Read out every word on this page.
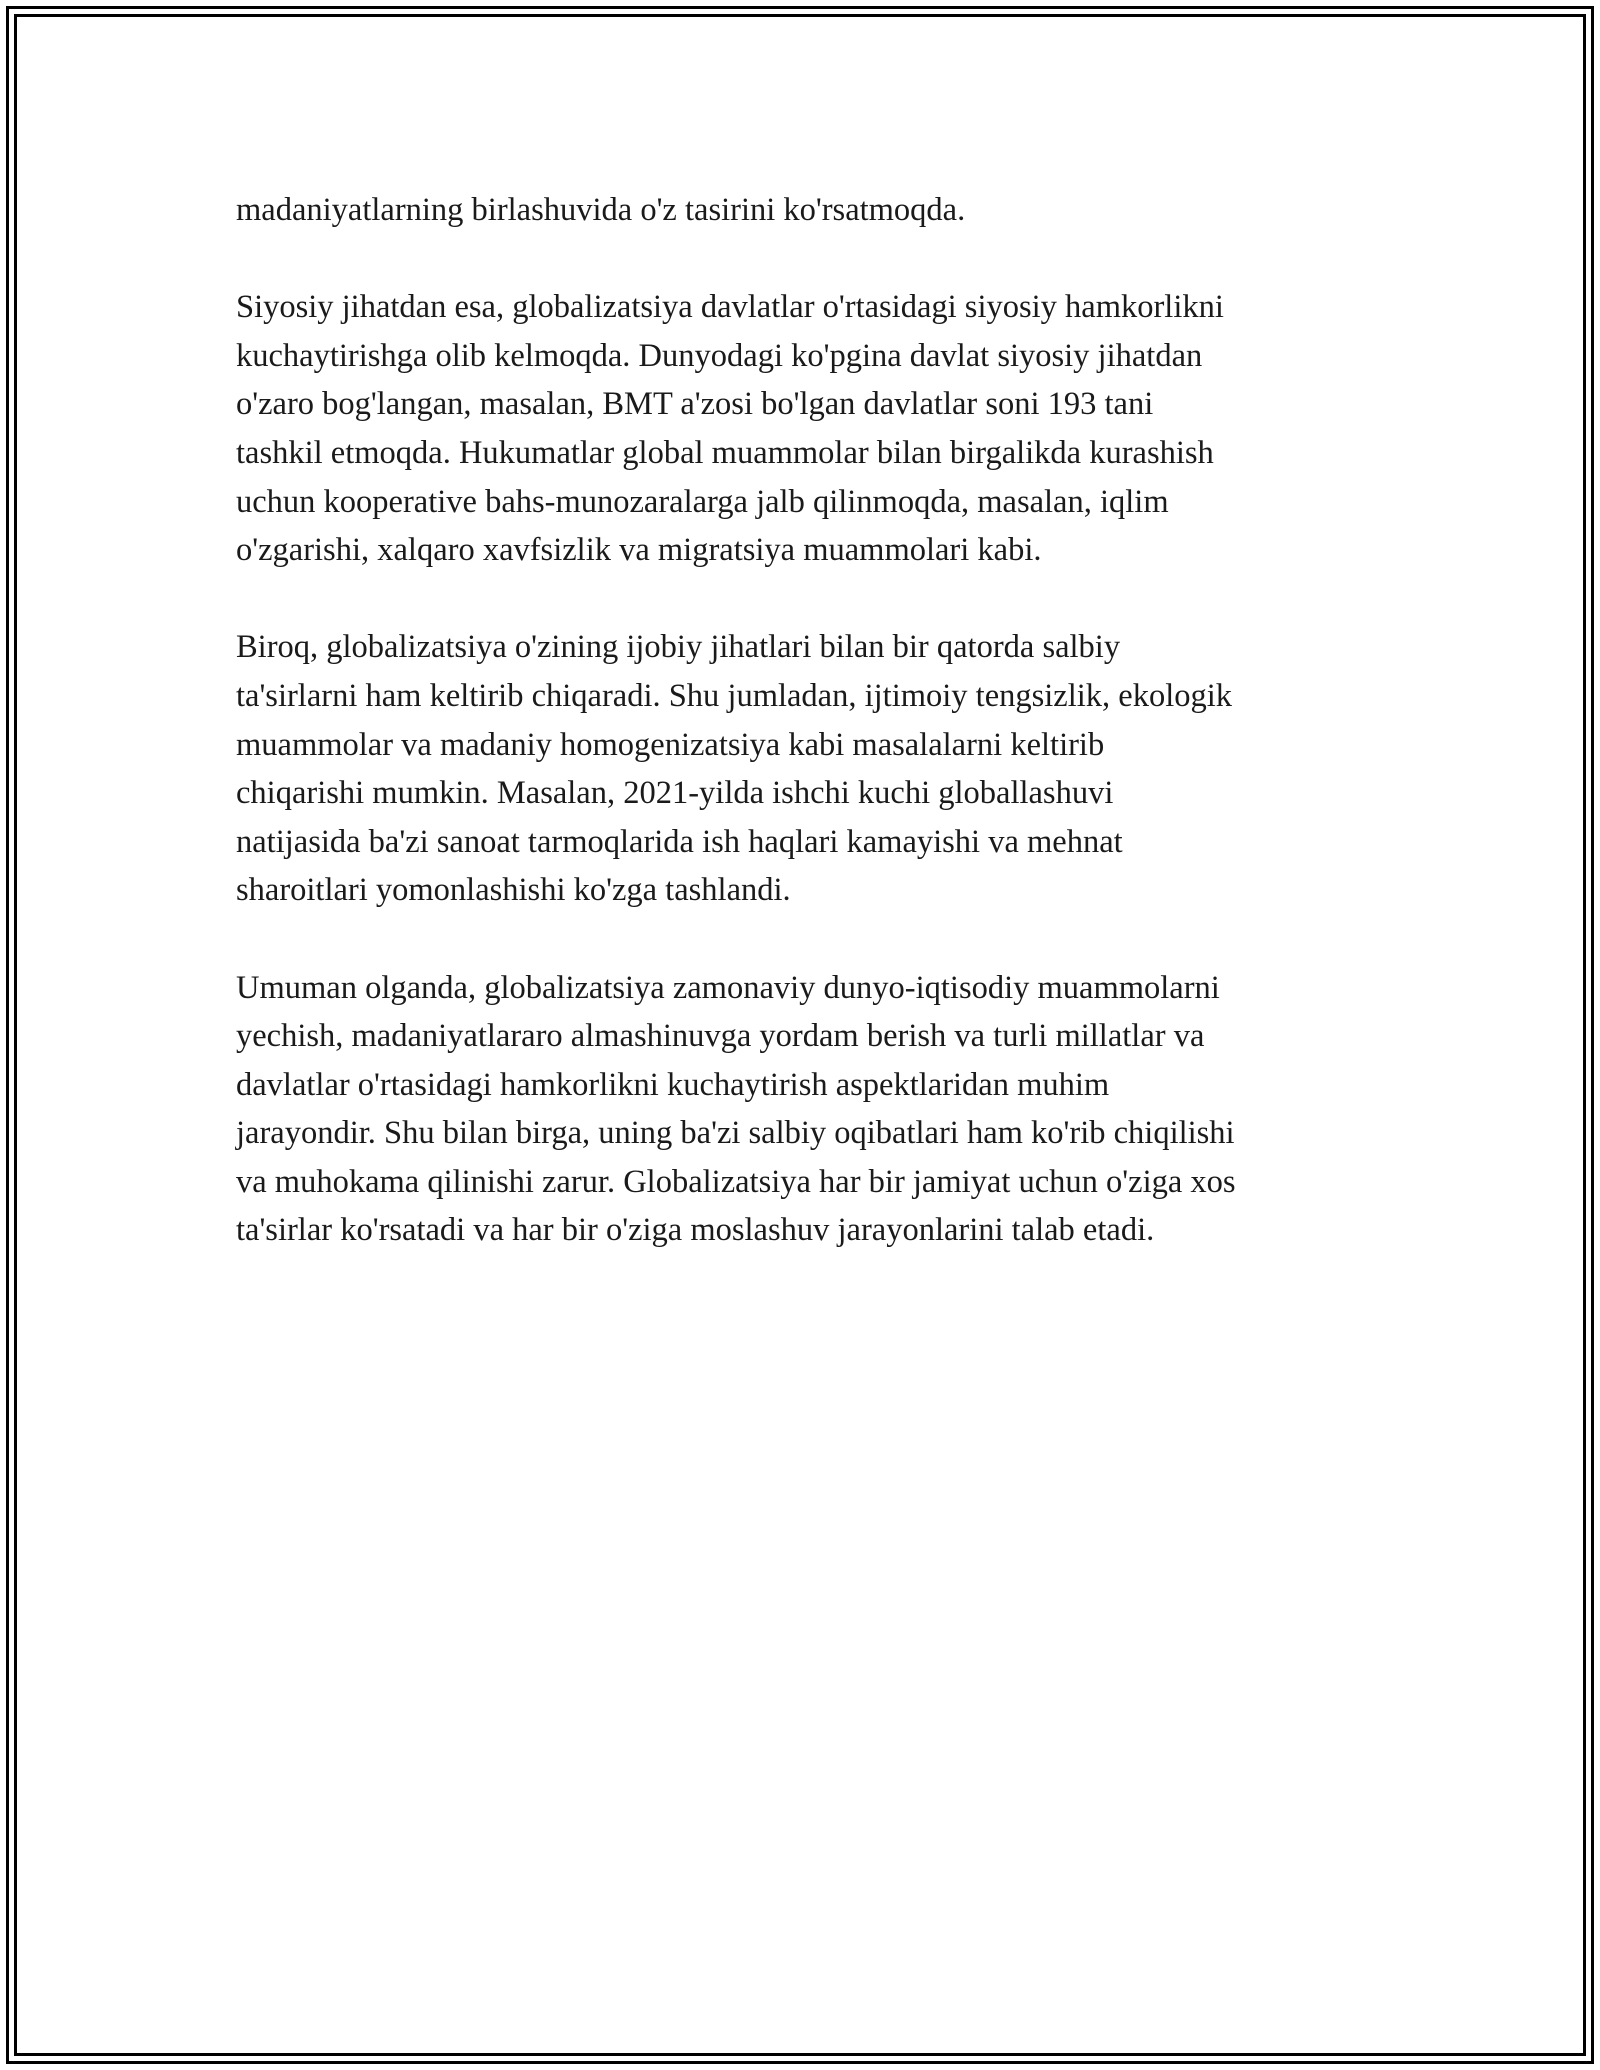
madaniyatlarning birlashuvida o'z tasirini ko'rsatmoqda.

Siyosiy jihatdan esa, globalizatsiya davlatlar o'rtasidagi siyosiy hamkorlikni
kuchaytirishga olib kelmoqda. Dunyodagi ko'pgina davlat siyosiy jihatdan
o'zaro bog'langan, masalan, BMT a'zosi bo'lgan davlatlar soni 193 tani
tashkil etmoqda. Hukumatlar global muammolar bilan birgalikda kurashish
uchun kooperative bahs-munozaralarga jalb qilinmoqda, masalan, iqlim
o'zgarishi, xalqaro xavfsizlik va migratsiya muammolari kabi.

Biroq, globalizatsiya o'zining ijobiy jihatlari bilan bir qatorda salbiy
ta'sirlarni ham keltirib chiqaradi. Shu jumladan, ijtimoiy tengsizlik, ekologik
muammolar va madaniy homogenizatsiya kabi masalalarni keltirib
chiqarishi mumkin. Masalan, 2021-yilda ishchi kuchi globallashuvi
natijasida ba'zi sanoat tarmoqlarida ish haqlari kamayishi va mehnat
sharoitlari yomonlashishi ko'zga tashlandi.

Umuman olganda, globalizatsiya zamonaviy dunyo-iqtisodiy muammolarni
yechish, madaniyatlararo almashinuvga yordam berish va turli millatlar va
davlatlar o'rtasidagi hamkorlikni kuchaytirish aspektlaridan muhim
jarayondir. Shu bilan birga, uning ba'zi salbiy oqibatlari ham ko'rib chiqilishi
va muhokama qilinishi zarur. Globalizatsiya har bir jamiyat uchun o'ziga xos
ta'sirlar ko'rsatadi va har bir o'ziga moslashuv jarayonlarini talab etadi.
